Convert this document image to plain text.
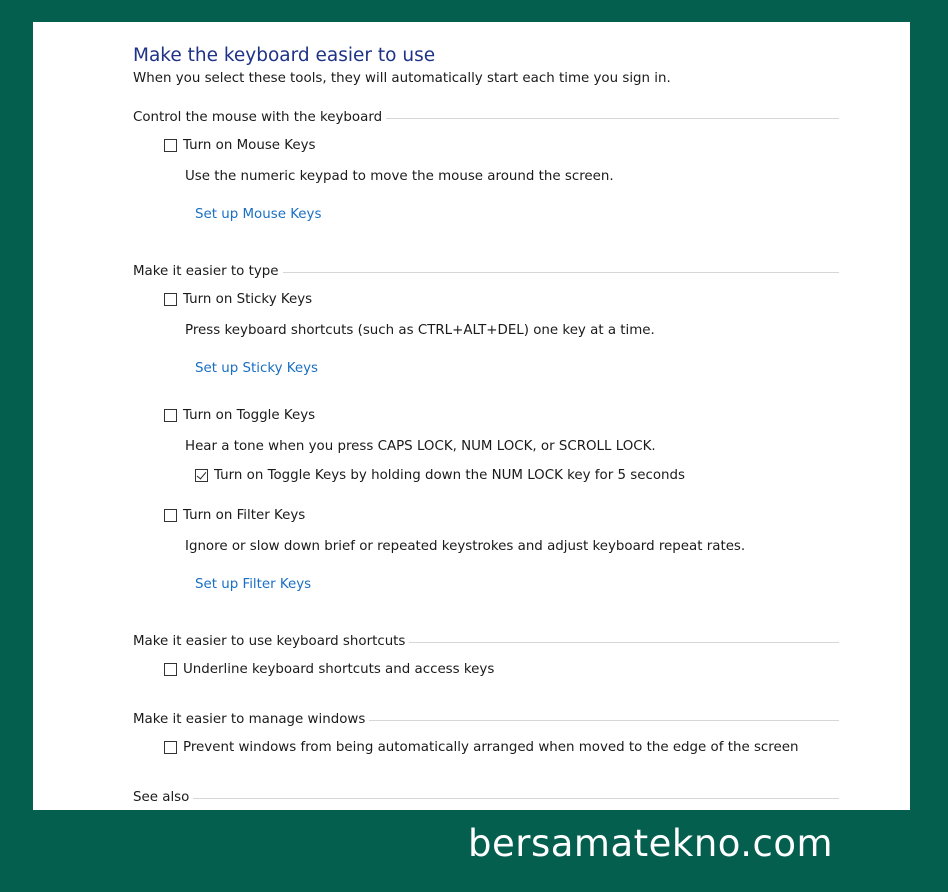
Make the keyboard easier to use
When you select these tools, they will automatically start each time you sign in.
Control the mouse with the keyboard
Turn on Mouse Keys
Use the numeric keypad to move the mouse around the screen.
Set up Mouse Keys
Make it easier to type
Turn on Sticky Keys
Press keyboard shortcuts (such as CTRL+ALT+DEL) one key at a time.
Set up Sticky Keys
Turn on Toggle Keys
Hear a tone when you press CAPS LOCK, NUM LOCK, or SCROLL LOCK.
Turn on Toggle Keys by holding down the NUM LOCK key for 5 seconds
Turn on Filter Keys
Ignore or slow down brief or repeated keystrokes and adjust keyboard repeat rates.
Set up Filter Keys
Make it easier to use keyboard shortcuts
Underline keyboard shortcuts and access keys
Make it easier to manage windows
Prevent windows from being automatically arranged when moved to the edge of the screen
See also
bersamatekno.com
